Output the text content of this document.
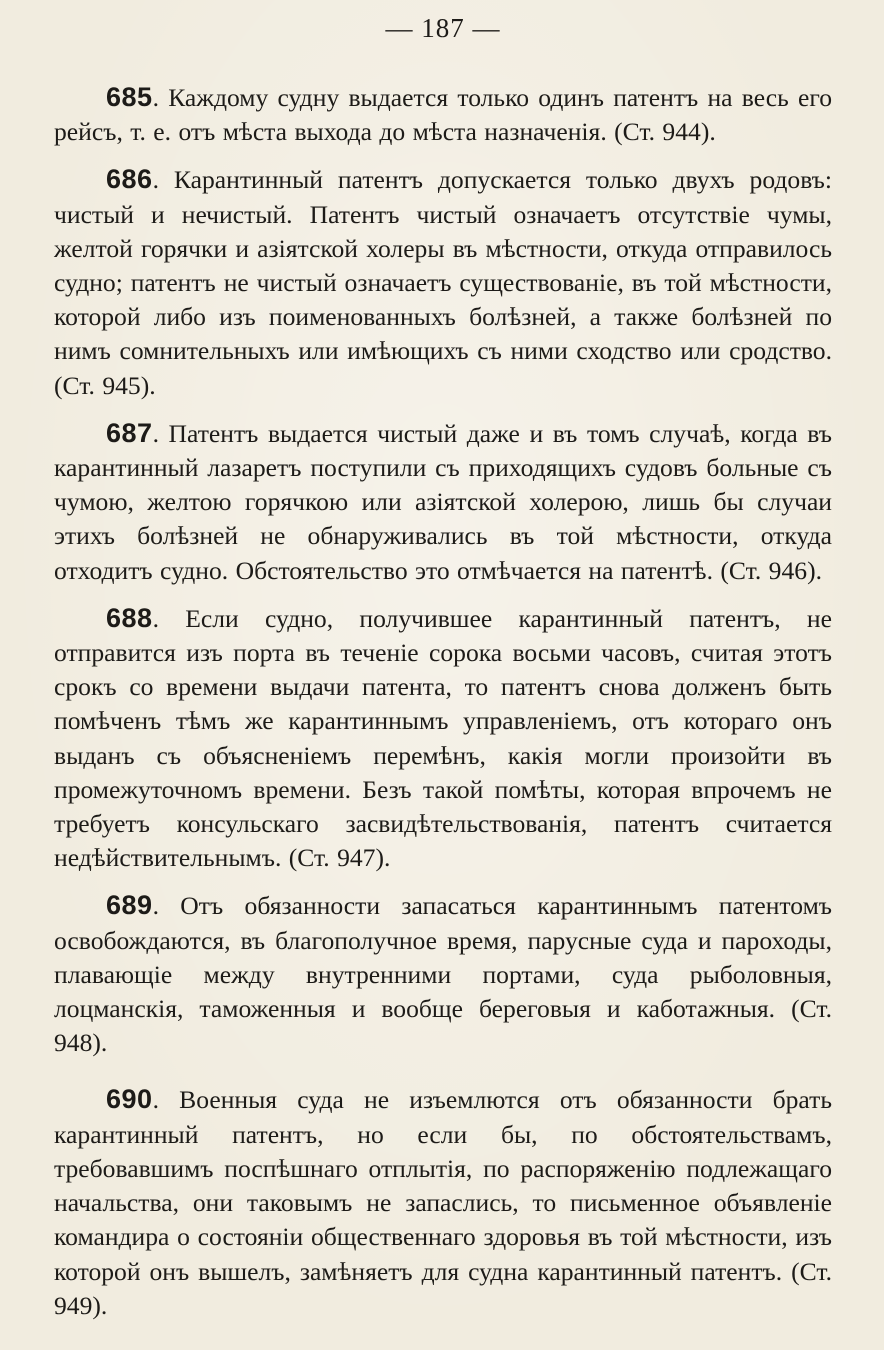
— 187 —

685. Каждому судну выдается только одинъ патентъ на весь его рейсъ, т. е. отъ мѣста выхода до мѣста назначенія. (Ст. 944).

686. Карантинный патентъ допускается только двухъ родовъ: чистый и нечистый. Патентъ чистый означаетъ отсутствіе чумы, желтой горячки и азіятской холеры въ мѣстности, откуда отправилось судно; патентъ не чистый означаетъ существованіе, въ той мѣстности, которой либо изъ поименованныхъ болѣзней, а также болѣзней по нимъ сомнительныхъ или имѣющихъ съ ними сходство или сродство. (Ст. 945).

687. Патентъ выдается чистый даже и въ томъ случаѣ, когда въ карантинный лазаретъ поступили съ приходящихъ судовъ больные съ чумою, желтою горячкою или азіятской холерою, лишь бы случаи этихъ болѣзней не обнаруживались въ той мѣстности, откуда отходитъ судно. Обстоятельство это отмѣчается на патентѣ. (Ст. 946).

688. Если судно, получившее карантинный патентъ, не отправится изъ порта въ теченіе сорока восьми часовъ, считая этотъ срокъ со времени выдачи патента, то патентъ снова долженъ быть помѣченъ тѣмъ же карантиннымъ управленіемъ, отъ котораго онъ выданъ съ объясненіемъ перемѣнъ, какія могли произойти въ промежуточномъ времени. Безъ такой помѣты, которая впрочемъ не требуетъ консульскаго засвидѣтельствованія, патентъ считается недѣйствительнымъ. (Ст. 947).

689. Отъ обязанности запасаться карантиннымъ патентомъ освобождаются, въ благополучное время, парусные суда и пароходы, плавающіе между внутренними портами, суда рыболовныя, лоцманскія, таможенныя и вообще береговыя и каботажныя. (Ст. 948).

690. Военныя суда не изъемлются отъ обязанности брать карантинный патентъ, но если бы, по обстоятельствамъ, требовавшимъ поспѣшнаго отплытія, по распоряженію подлежащаго начальства, они таковымъ не запаслись, то письменное объявленіе командира о состояніи общественнаго здоровья въ той мѣстности, изъ которой онъ вышелъ, замѣняетъ для судна карантинный патентъ. (Ст. 949).
